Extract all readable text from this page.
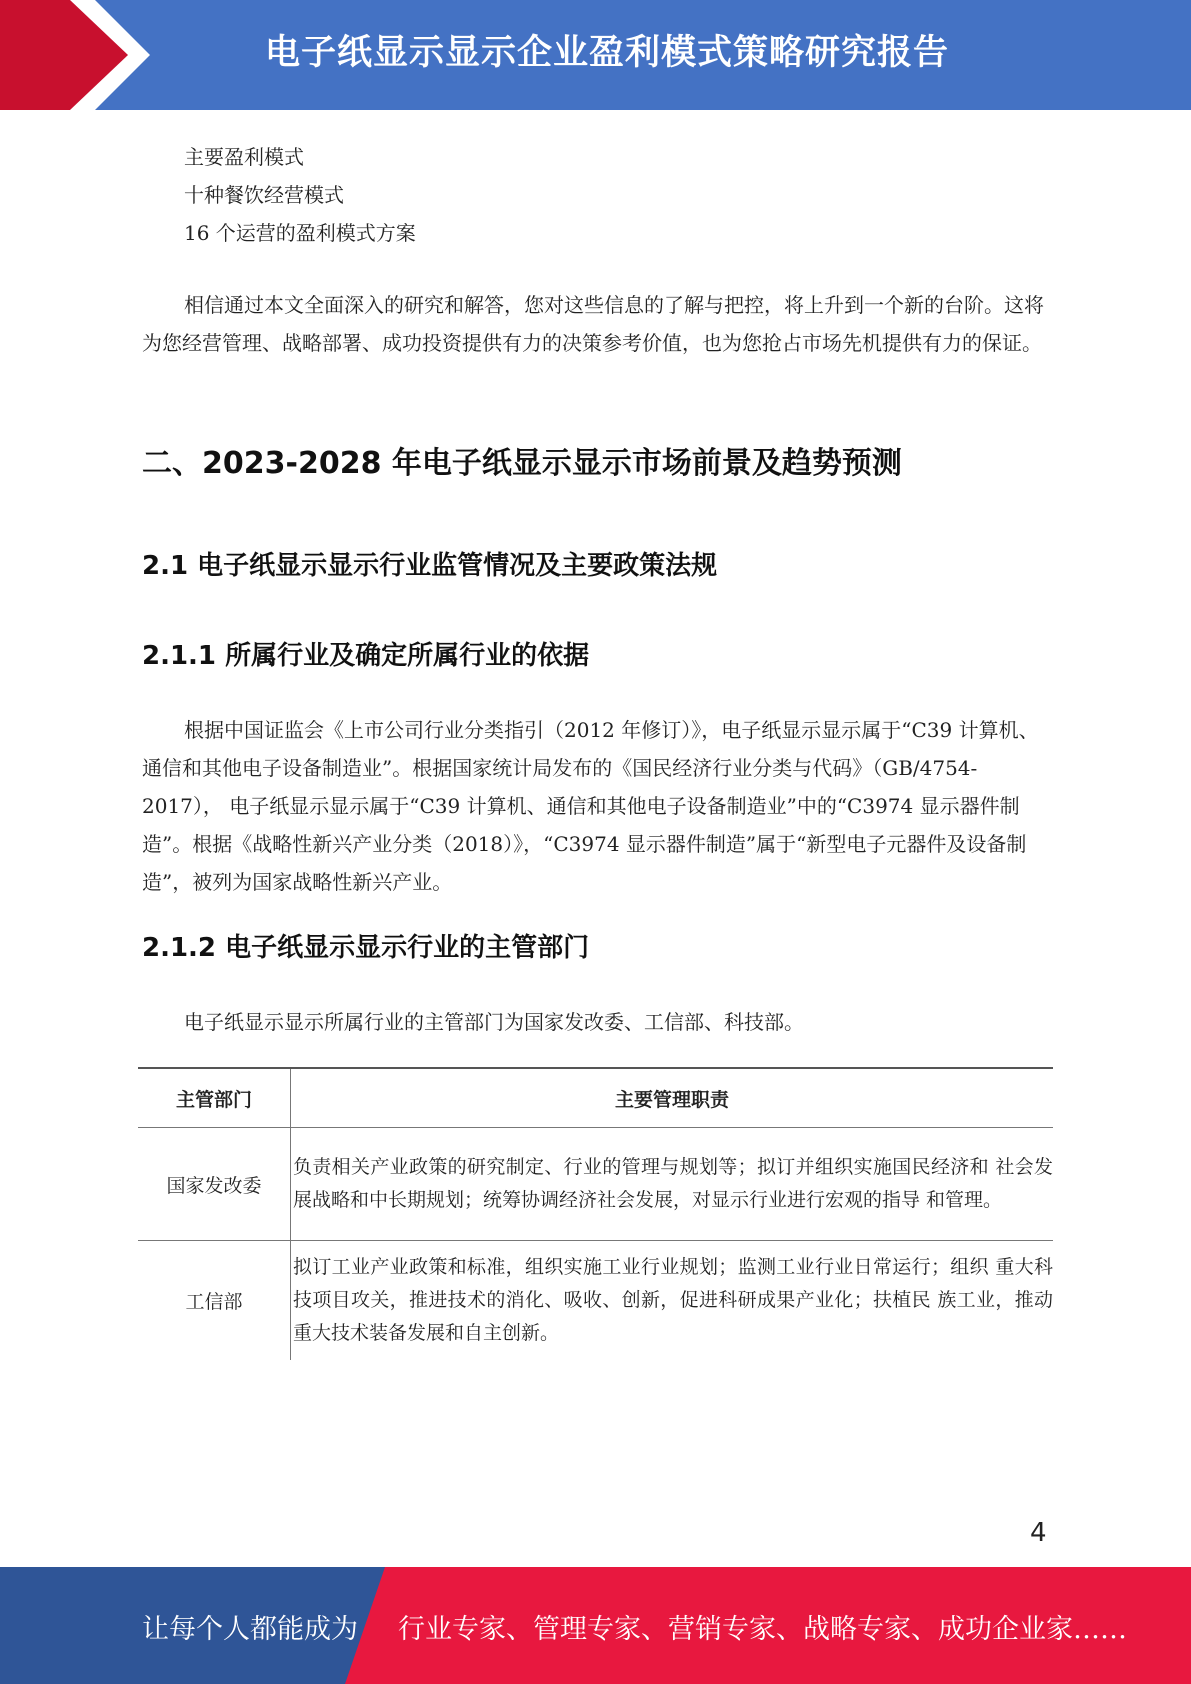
电子纸显示显示企业盈利模式策略研究报告

主要盈利模式

十种餐饮经营模式

16 个运营的盈利模式方案

相信通过本文全面深入的研究和解答，您对这些信息的了解与把控，将上升到一个新的台阶。这将为您经营管理、战略部署、成功投资提供有力的决策参考价值，也为您抢占市场先机提供有力的保证。

二、2023-2028 年电子纸显示显示市场前景及趋势预测
2.1 电子纸显示显示行业监管情况及主要政策法规
2.1.1 所属行业及确定所属行业的依据

根据中国证监会《上市公司行业分类指引（2012 年修订）》，电子纸显示显示属于“C39 计算机、通信和其他电子设备制造业”。根据国家统计局发布的《国民经济行业分类与代码》（GB/4754-2017）， 电子纸显示显示属于“C39 计算机、通信和其他电子设备制造业”中的“C3974 显示器件制造”。根据《战略性新兴产业分类（2018）》，“C3974 显示器件制造”属于“新型电子元器件及设备制造”，被列为国家战略性新兴产业。

2.1.2 电子纸显示显示行业的主管部门

电子纸显示显示所属行业的主管部门为国家发改委、工信部、科技部。

主管部门	主要管理职责
国家发改委	负责相关产业政策的研究制定、行业的管理与规划等；拟订并组织实施国民经济和 社会发展战略和中长期规划；统筹协调经济社会发展，对显示行业进行宏观的指导 和管理。
工信部	拟订工业产业政策和标准，组织实施工业行业规划；监测工业行业日常运行；组织 重大科技项目攻关，推进技术的消化、吸收、创新，促进科研成果产业化；扶植民 族工业，推动重大技术装备发展和自主创新。
4
让每个人都能成为 行业专家、管理专家、营销专家、战略专家、成功企业家……
